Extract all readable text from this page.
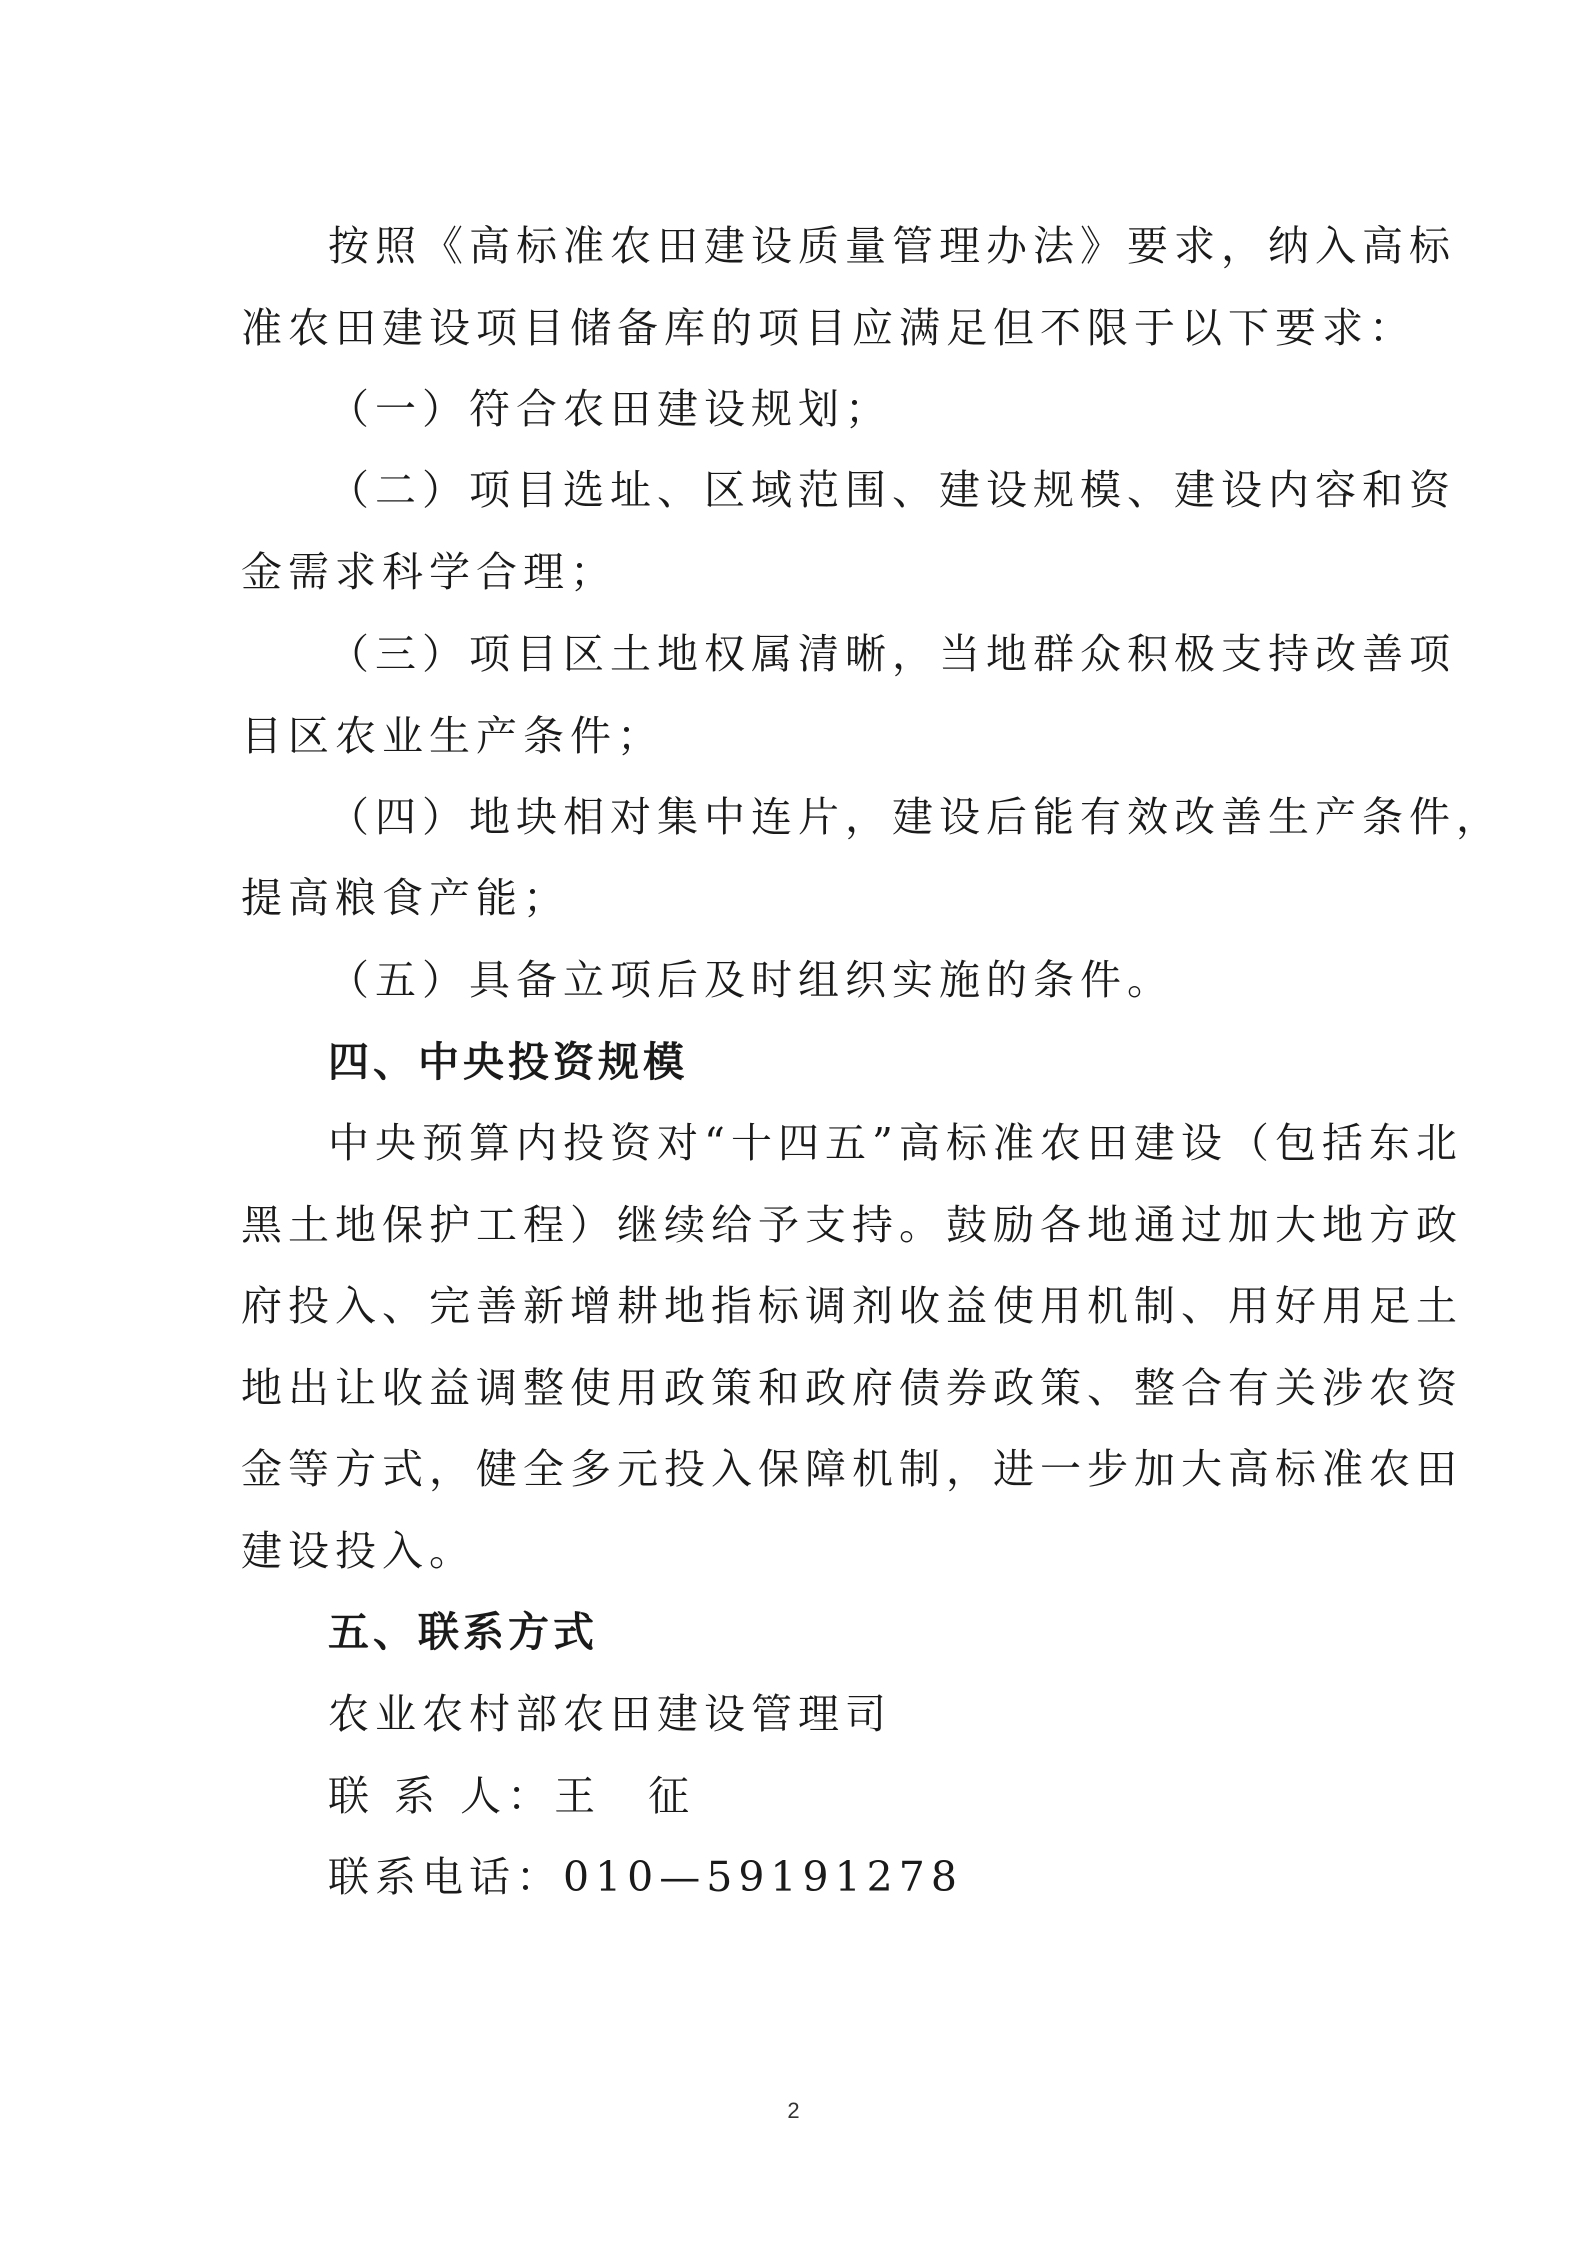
按照《高标准农田建设质量管理办法》要求，纳入高标
准农田建设项目储备库的项目应满足但不限于以下要求：
（一）符合农田建设规划；
（二）项目选址、区域范围、建设规模、建设内容和资
金需求科学合理；
（三）项目区土地权属清晰，当地群众积极支持改善项
目区农业生产条件；
（四）地块相对集中连片，建设后能有效改善生产条件，
提高粮食产能；
（五）具备立项后及时组织实施的条件。
四、中央投资规模
中央预算内投资对“十四五”高标准农田建设（包括东北
黑土地保护工程）继续给予支持。鼓励各地通过加大地方政
府投入、完善新增耕地指标调剂收益使用机制、用好用足土
地出让收益调整使用政策和政府债券政策、整合有关涉农资
金等方式，健全多元投入保障机制，进一步加大高标准农田
建设投入。
五、联系方式
农业农村部农田建设管理司
联 系 人：王　征
联系电话：010—59191278
2
